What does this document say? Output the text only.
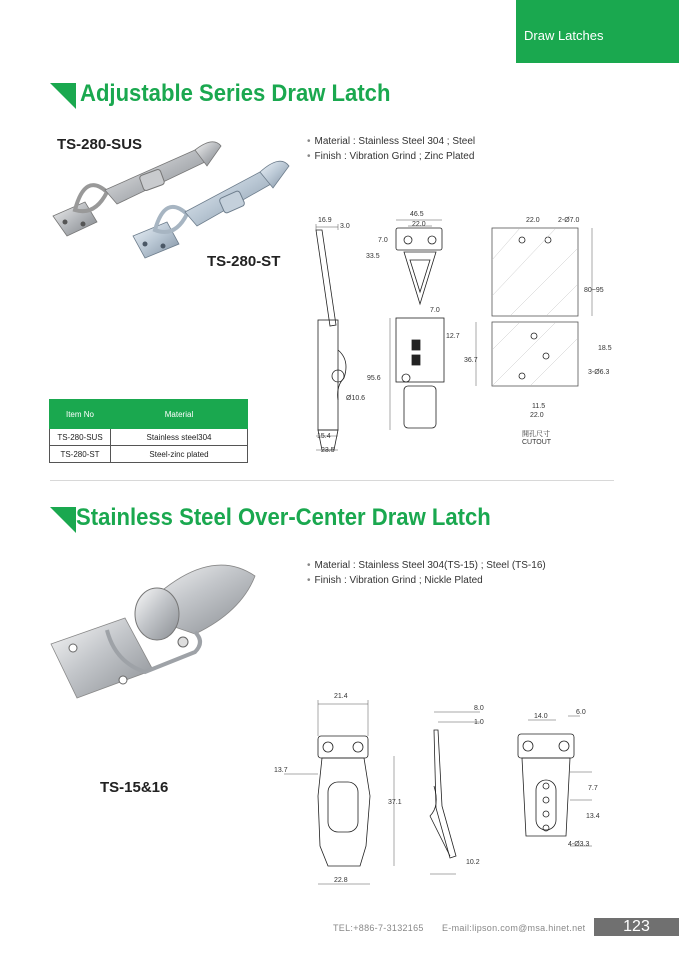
Draw Latches
Adjustable Series Draw Latch
TS-280-SUS
TS-280-ST
• Material : Stainless Steel 304 ; Steel
• Finish : Vibration Grind ; Zinc Plated
Item No	Material
TS-280-SUS	Stainless steel304
TS-280-ST	Steel-zinc plated
16.9
3.0
95.6
Ø10.6
15.4
23.5
46.5
22.0
7.0
33.5
7.0
12.7
36.7
22.0	2-Ø7.0
80~95
18.5
3-Ø6.3
11.5
22.0
開孔尺寸
CUTOUT
Stainless Steel Over-Center Draw Latch
• Material : Stainless Steel 304(TS-15) ; Steel (TS-16)
• Finish : Vibration Grind ; Nickle Plated
TS-15&16
21.4
13.7
37.1
22.8
8.0
1.0
10.2
14.0
6.0
7.7
13.4
4-Ø3.3
TEL:+886-7-3132165 E-mail:lipson.com@msa.hinet.net	123
